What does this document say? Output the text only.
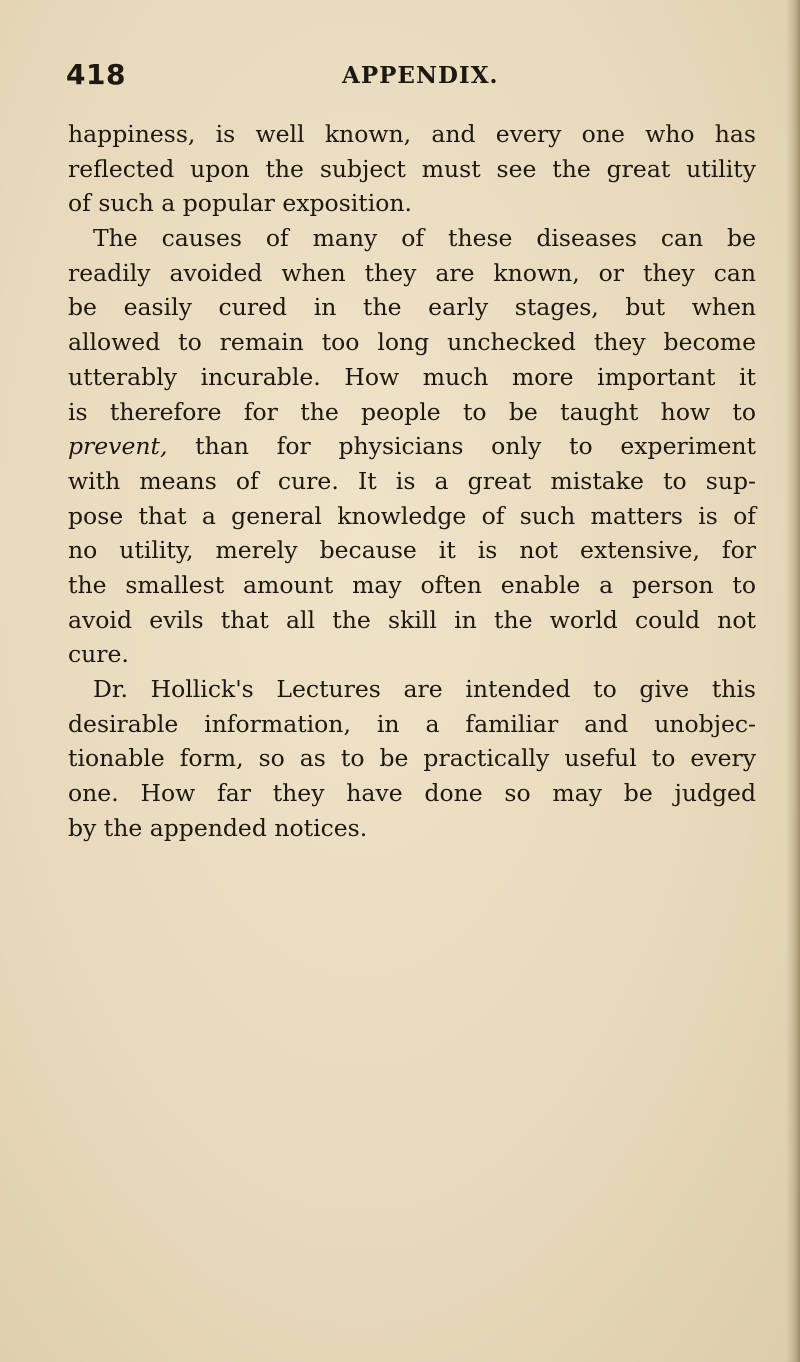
418	APPENDIX.
happiness, is well known, and every one who has
reflected upon the subject must see the great utility
of such a popular exposition.
The causes of many of these diseases can be
readily avoided when they are known, or they can
be easily cured in the early stages, but when
allowed to remain too long unchecked they become
utterably incurable. How much more important it
is therefore for the people to be taught how to
prevent, than for physicians only to experiment
with means of cure. It is a great mistake to sup-
pose that a general knowledge of such matters is of
no utility, merely because it is not extensive, for
the smallest amount may often enable a person to
avoid evils that all the skill in the world could not
cure.
Dr. Hollick's Lectures are intended to give this
desirable information, in a familiar and unobjec-
tionable form, so as to be practically useful to every
one. How far they have done so may be judged
by the appended notices.
